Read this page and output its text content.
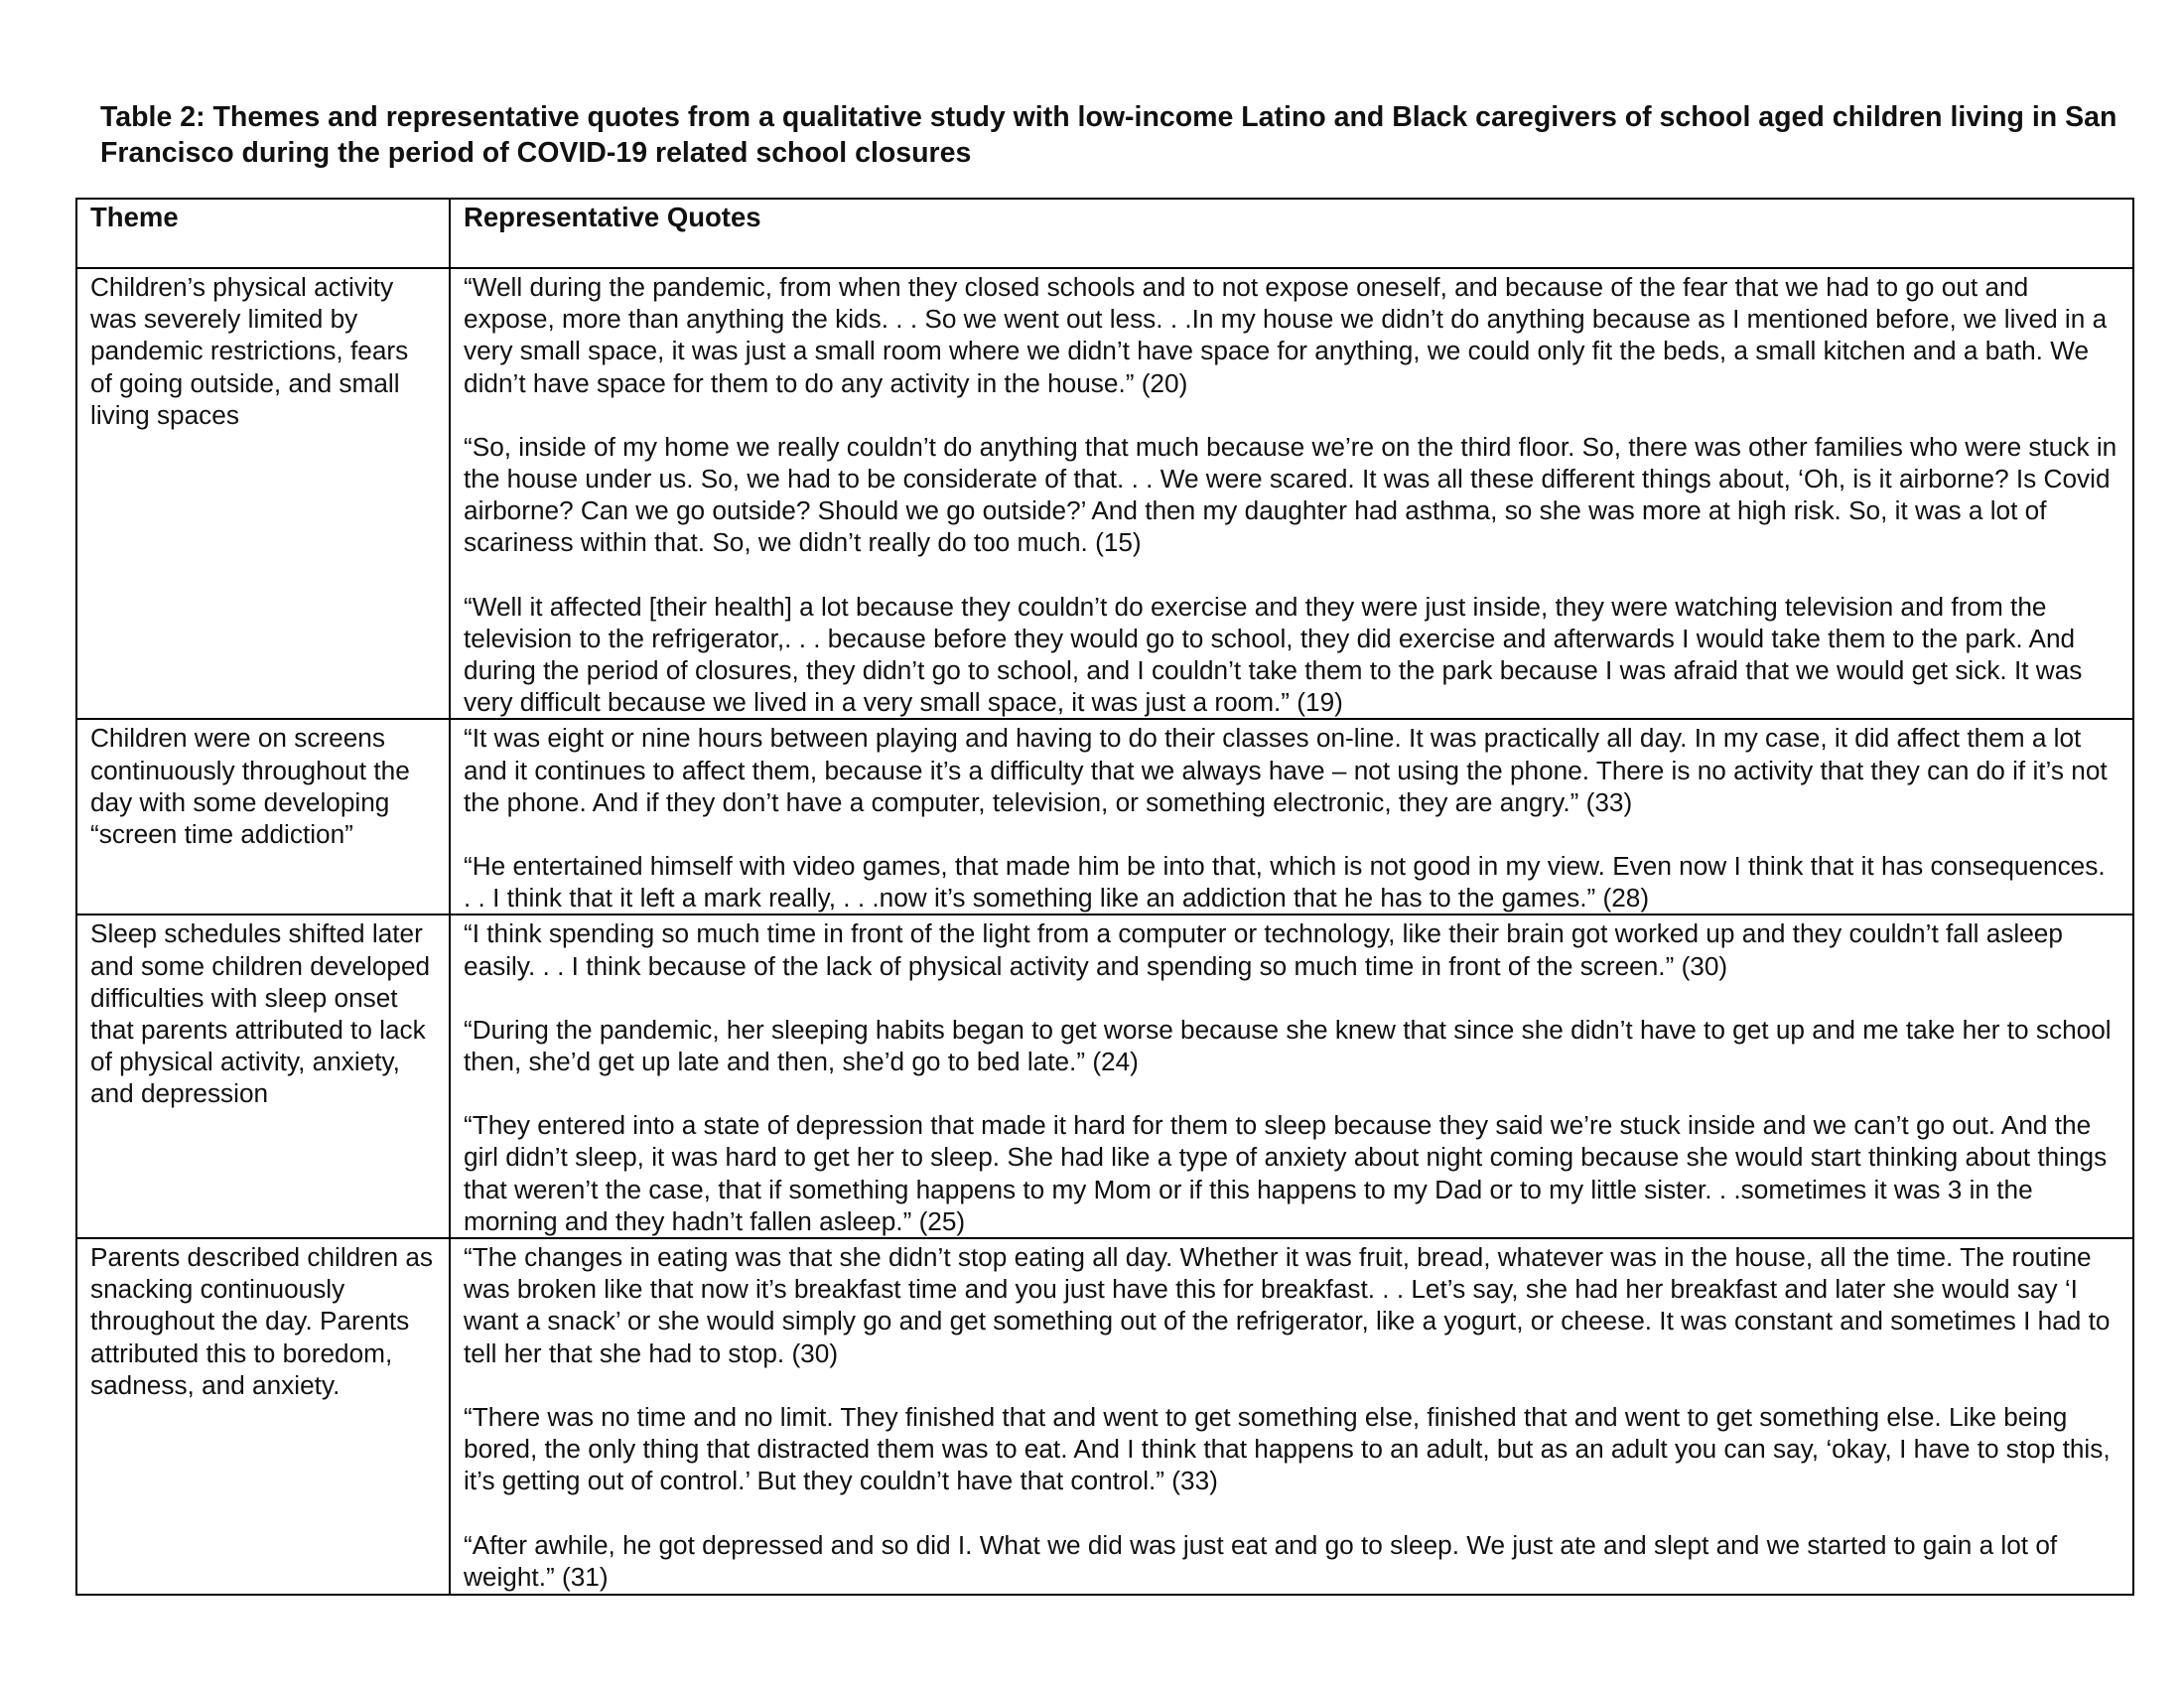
Table 2: Themes and representative quotes from a qualitative study with low-income Latino and Black caregivers of school aged children living in San Francisco during the period of COVID-19 related school closures
Theme	Representative Quotes

Children’s physical activity was severely limited by pandemic restrictions, fears of going outside, and small living spaces	“Well during the pandemic, from when they closed schools and to not expose oneself, and because of the fear that we had to go out and expose, more than anything the kids. . . So we went out less. . .In my house we didn’t do anything because as I mentioned before, we lived in a very small space, it was just a small room where we didn’t have space for anything, we could only fit the beds, a small kitchen and a bath. We didn’t have space for them to do any activity in the house.” (20)

“So, inside of my home we really couldn’t do anything that much because we’re on the third floor. So, there was other families who were stuck in the house under us. So, we had to be considerate of that. . . We were scared. It was all these different things about, ‘Oh, is it airborne? Is Covid airborne? Can we go outside? Should we go outside?’ And then my daughter had asthma, so she was more at high risk. So, it was a lot of scariness within that. So, we didn’t really do too much. (15)

“Well it affected [their health] a lot because they couldn’t do exercise and they were just inside, they were watching television and from the television to the refrigerator,. . . because before they would go to school, they did exercise and afterwards I would take them to the park. And during the period of closures, they didn’t go to school, and I couldn’t take them to the park because I was afraid that we would get sick. It was very difficult because we lived in a very small space, it was just a room.” (19)

Children were on screens continuously throughout the day with some developing “screen time addiction”	“It was eight or nine hours between playing and having to do their classes on-line. It was practically all day. In my case, it did affect them a lot and it continues to affect them, because it’s a difficulty that we always have – not using the phone. There is no activity that they can do if it’s not the phone. And if they don’t have a computer, television, or something electronic, they are angry.” (33)

“He entertained himself with video games, that made him be into that, which is not good in my view. Even now I think that it has consequences. . . I think that it left a mark really, . . .now it’s something like an addiction that he has to the games.” (28)

Sleep schedules shifted later and some children developed difficulties with sleep onset that parents attributed to lack of physical activity, anxiety, and depression	“I think spending so much time in front of the light from a computer or technology, like their brain got worked up and they couldn’t fall asleep easily. . . I think because of the lack of physical activity and spending so much time in front of the screen.” (30)

“During the pandemic, her sleeping habits began to get worse because she knew that since she didn’t have to get up and me take her to school then, she’d get up late and then, she’d go to bed late.” (24)

“They entered into a state of depression that made it hard for them to sleep because they said we’re stuck inside and we can’t go out. And the girl didn’t sleep, it was hard to get her to sleep. She had like a type of anxiety about night coming because she would start thinking about things that weren’t the case, that if something happens to my Mom or if this happens to my Dad or to my little sister. . .sometimes it was 3 in the morning and they hadn’t fallen asleep.” (25)

Parents described children as snacking continuously throughout the day. Parents attributed this to boredom, sadness, and anxiety.	“The changes in eating was that she didn’t stop eating all day. Whether it was fruit, bread, whatever was in the house, all the time. The routine was broken like that now it’s breakfast time and you just have this for breakfast. . . Let’s say, she had her breakfast and later she would say ‘I want a snack’ or she would simply go and get something out of the refrigerator, like a yogurt, or cheese. It was constant and sometimes I had to tell her that she had to stop. (30)

“There was no time and no limit. They finished that and went to get something else, finished that and went to get something else. Like being bored, the only thing that distracted them was to eat. And I think that happens to an adult, but as an adult you can say, ‘okay, I have to stop this, it’s getting out of control.’ But they couldn’t have that control.” (33)

“After awhile, he got depressed and so did I. What we did was just eat and go to sleep. We just ate and slept and we started to gain a lot of weight.” (31)
